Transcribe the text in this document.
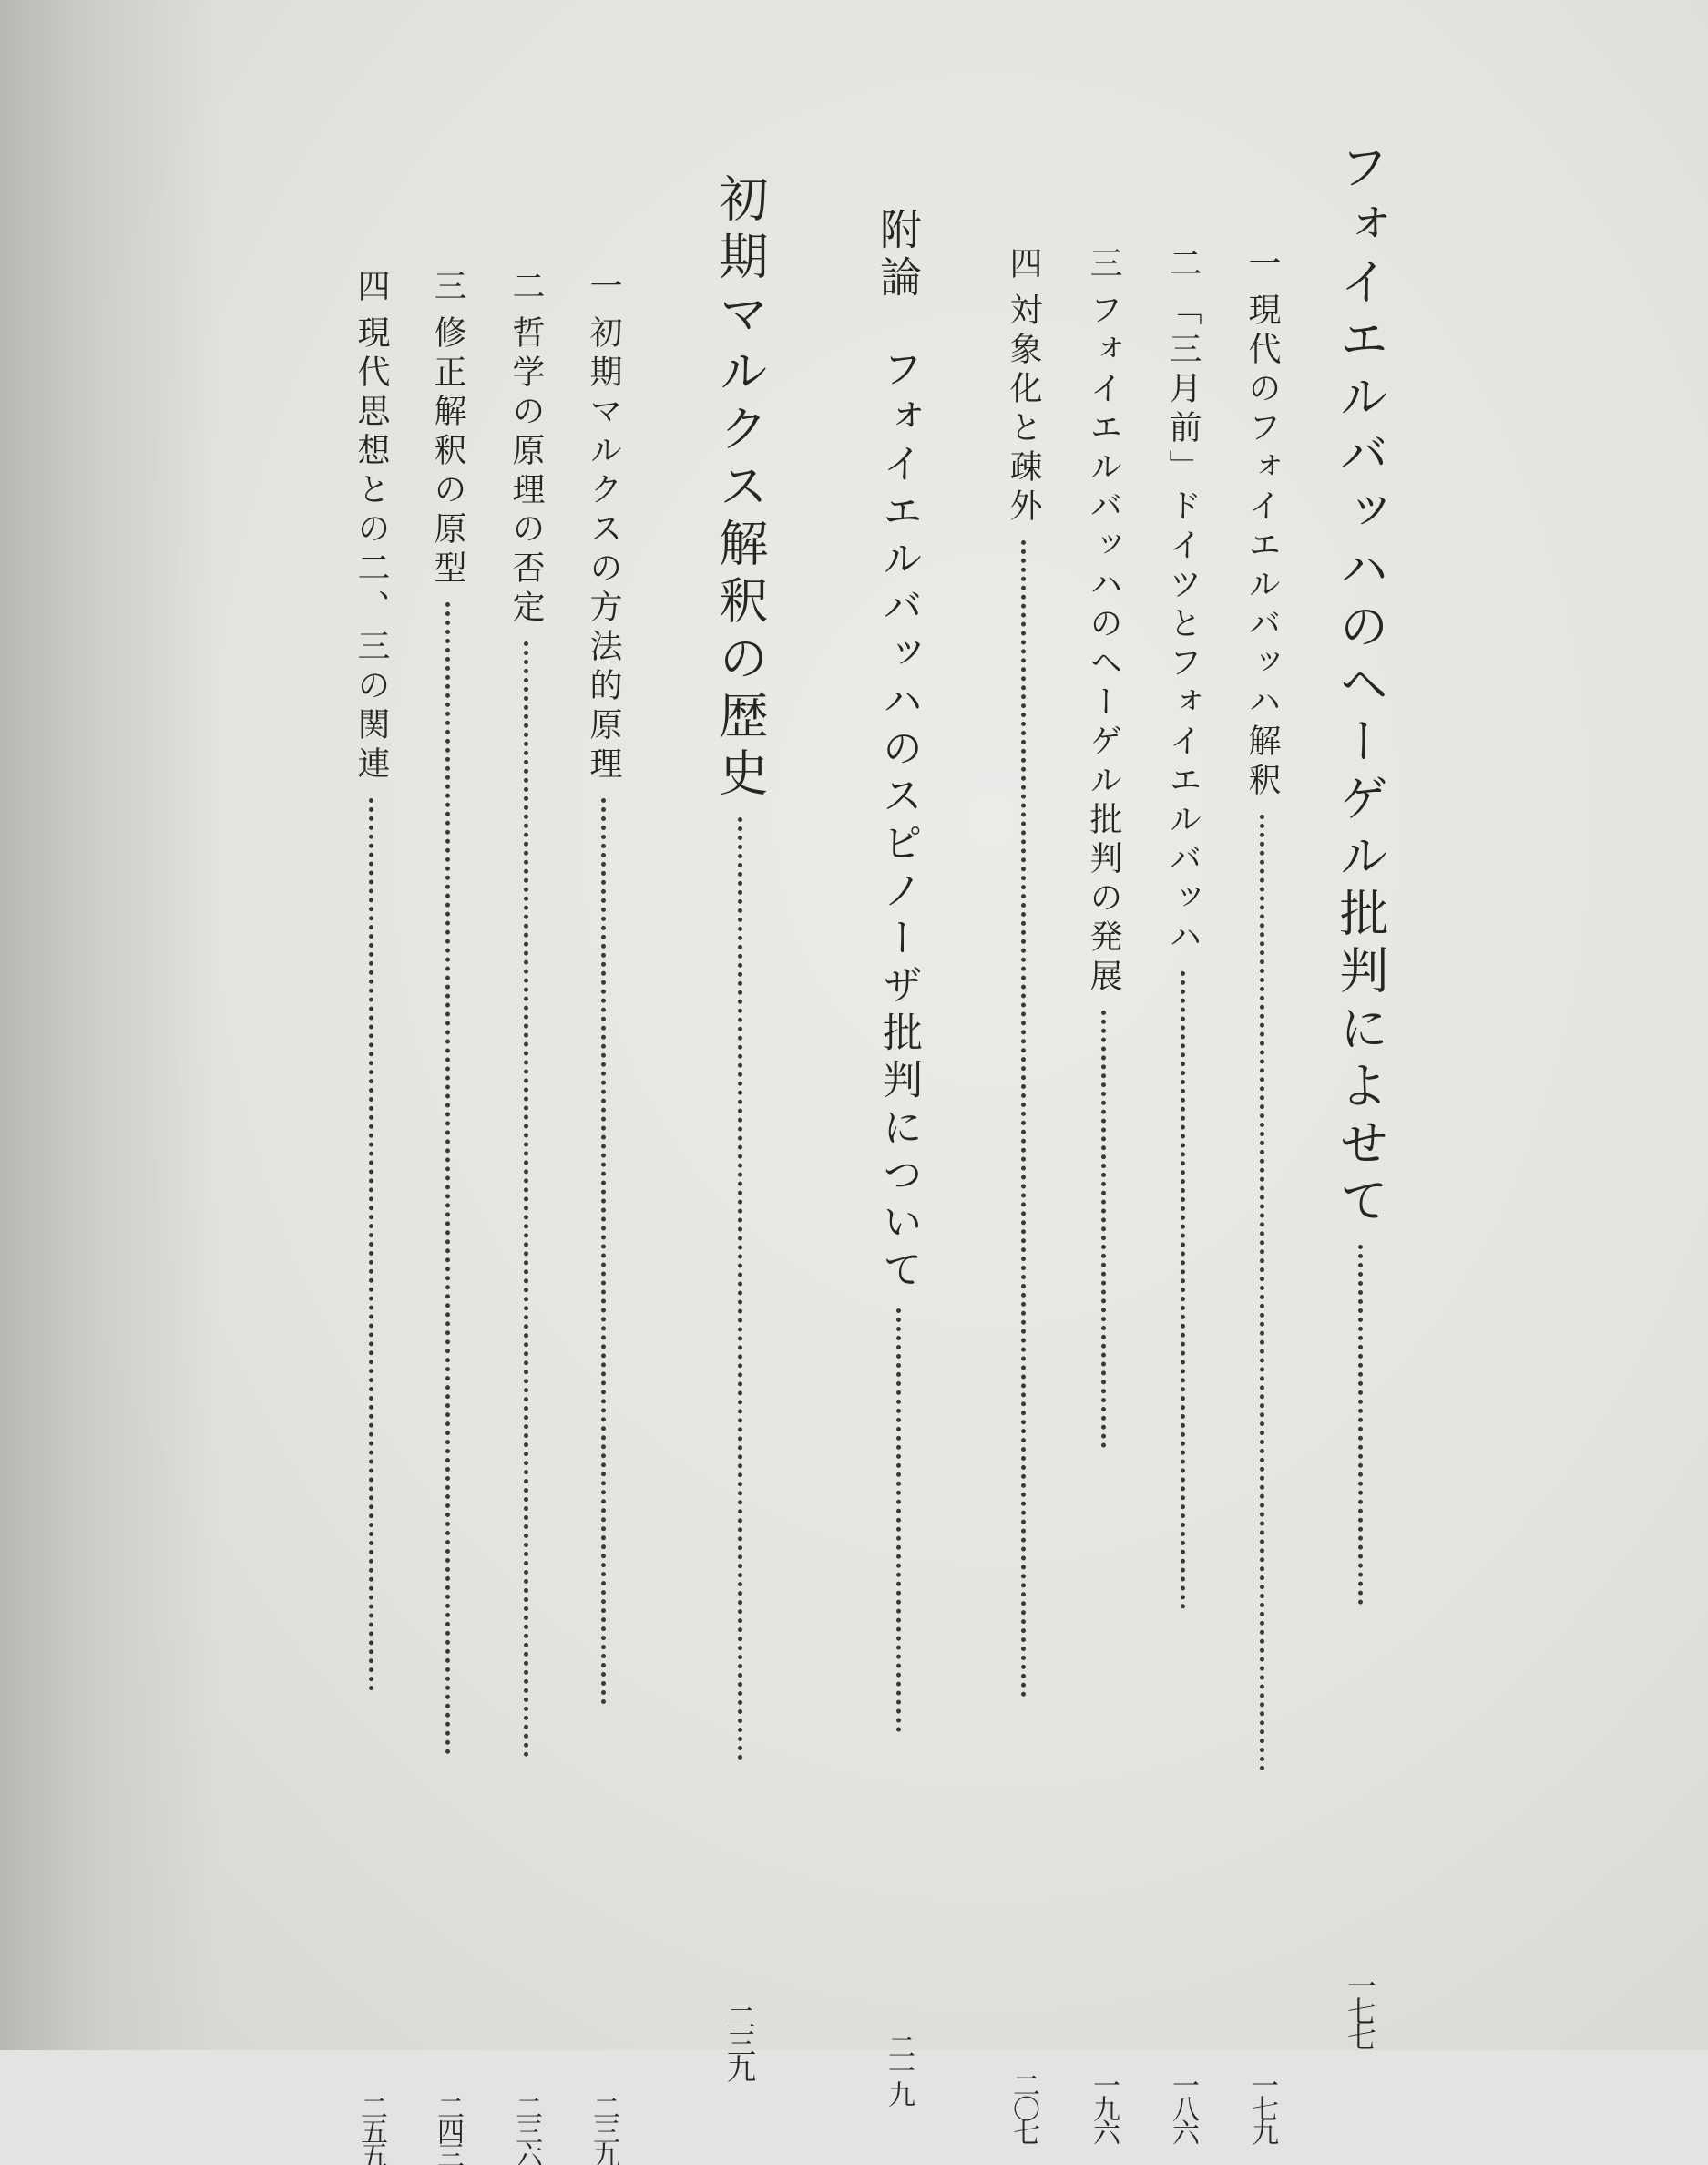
フォイエルバッハのヘーゲル批判によせて
一七七
一
現代のフォイエルバッハ解釈
一七九
二
「三月前」ドイツとフォイエルバッハ
一八六
三
フォイエルバッハのヘーゲル批判の発展
一九六
四
対象化と疎外
二〇七
附論
フォイエルバッハのスピノーザ批判について
二一九
初期マルクス解釈の歴史
二三九
一
初期マルクスの方法的原理
二三九
二
哲学の原理の否定
二三六
三
修正解釈の原型
二四三
四
現代思想との二、三の関連
二五五
